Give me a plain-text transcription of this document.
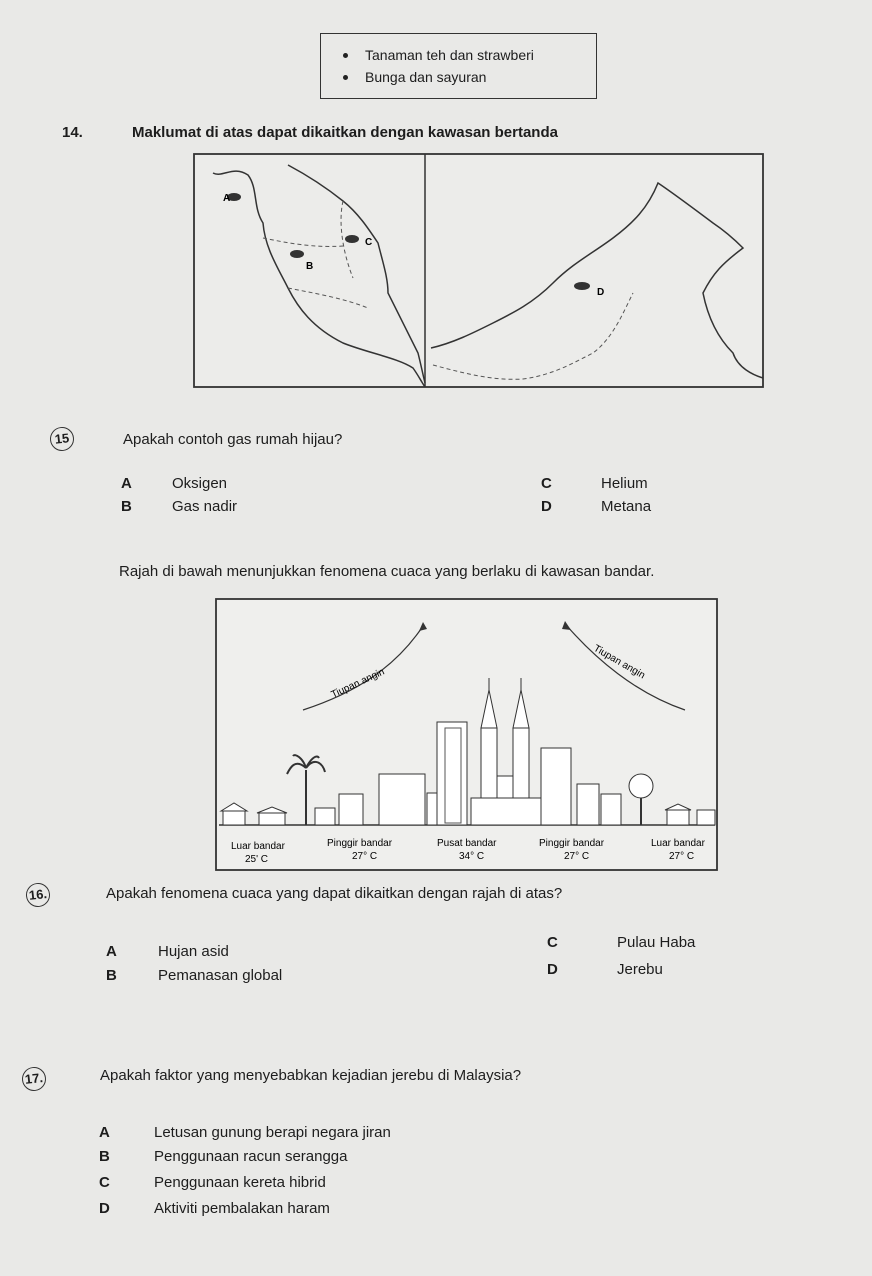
Tanaman teh dan strawberi
Bunga dan sayuran
14.	Maklumat di atas dapat dikaitkan dengan kawasan bertanda
A
B
C
D
15	Apakah contoh gas rumah hijau?
A	Oksigen
B	Gas nadir
C	Helium
D	Metana
Rajah di bawah menunjukkan fenomena cuaca yang berlaku di kawasan bandar.
Tiupan angin
Tiupan angin
Luar bandar
25' C
Pinggir bandar
27° C
Pusat bandar
34° C
Pinggir bandar
27° C
Luar bandar
27° C
16.	Apakah fenomena cuaca yang dapat dikaitkan dengan rajah di atas?
A	Hujan asid
B	Pemanasan global
C	Pulau Haba
D	Jerebu
17.	Apakah faktor yang menyebabkan kejadian jerebu di Malaysia?
A	Letusan gunung berapi negara jiran
B	Penggunaan racun serangga
C	Penggunaan kereta hibrid
D	Aktiviti pembalakan haram
